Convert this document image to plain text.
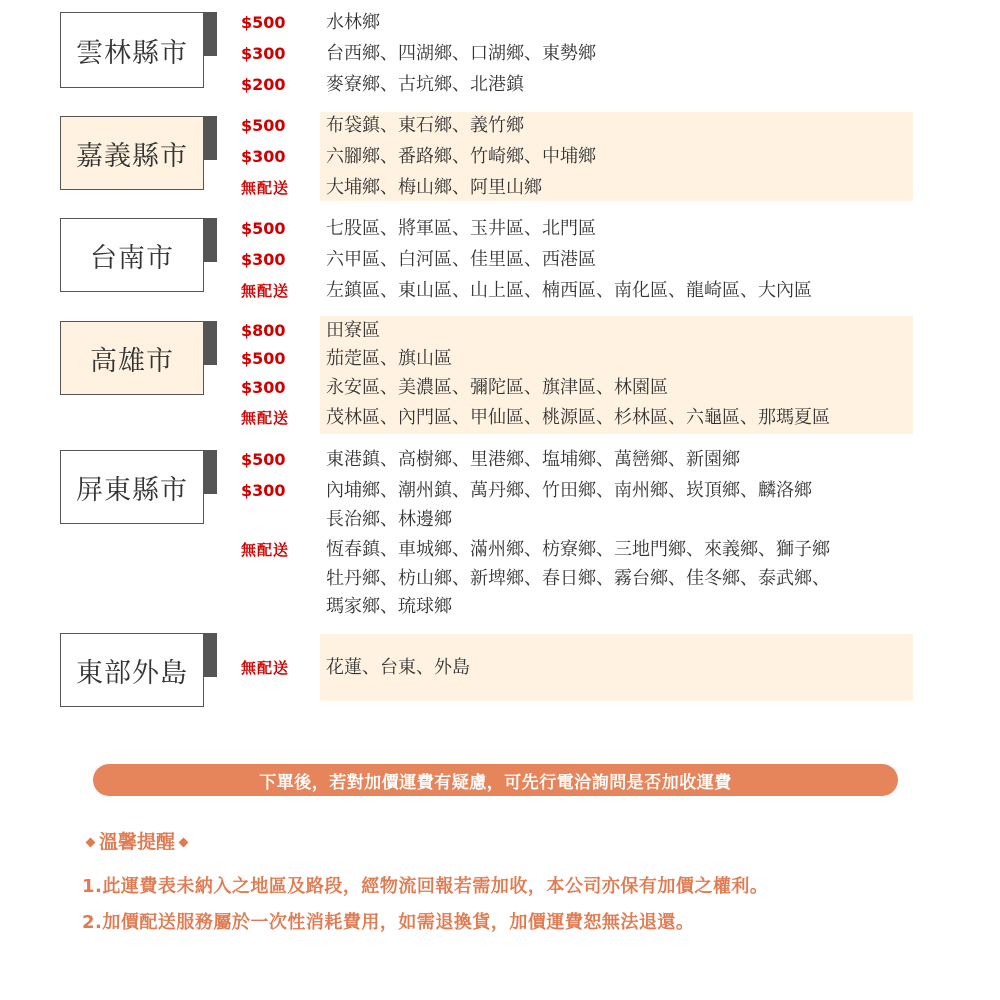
雲林縣市
$500	水林鄉
$300	台西鄉、四湖鄉、口湖鄉、東勢鄉
$200	麥寮鄉、古坑鄉、北港鎮
嘉義縣市
$500	布袋鎮、東石鄉、義竹鄉
$300	六腳鄉、番路鄉、竹崎鄉、中埔鄉
無配送	大埔鄉、梅山鄉、阿里山鄉
台南市
$500	七股區、將軍區、玉井區、北門區
$300	六甲區、白河區、佳里區、西港區
無配送	左鎮區、東山區、山上區、楠西區、南化區、龍崎區、大內區
高雄市
$800	田寮區
$500	茄萣區、旗山區
$300	永安區、美濃區、彌陀區、旗津區、林園區
無配送	茂林區、內門區、甲仙區、桃源區、杉林區、六龜區、那瑪夏區
屏東縣市
$500	東港鎮、高樹鄉、里港鄉、塩埔鄉、萬巒鄉、新園鄉
$300	內埔鄉、潮州鎮、萬丹鄉、竹田鄉、南州鄉、崁頂鄉、麟洛鄉
長治鄉、林邊鄉
無配送	恆春鎮、車城鄉、滿州鄉、枋寮鄉、三地門鄉、來義鄉、獅子鄉
牡丹鄉、枋山鄉、新埤鄉、春日鄉、霧台鄉、佳冬鄉、泰武鄉、
瑪家鄉、琉球鄉
東部外島	無配送	花蓮、台東、外島
下單後，若對加價運費有疑慮，可先行電洽詢問是否加收運費
溫馨提醒
1.此運費表未納入之地區及路段，經物流回報若需加收，本公司亦保有加價之權利。
2.加價配送服務屬於一次性消耗費用，如需退換貨，加價運費恕無法退還。
